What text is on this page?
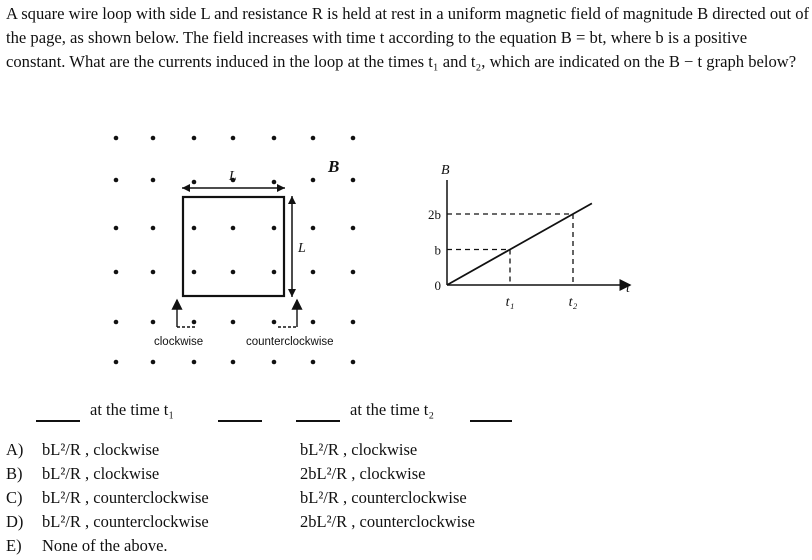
A square wire loop with side L and resistance R is held at rest in a uniform magnetic field of magnitude B directed out of the page, as shown below. The field increases with time t according to the equation B = bt, where b is a positive constant. What are the currents induced in the loop at the times t₁ and t₂, which are indicated on the B − t graph below?

L
L
B
clockwise	counterclockwise
B
t
0
b
2b
t₁	t₂
at the time t₁	at the time t₂
A) bL²/R , clockwise	bL²/R , clockwise
B) bL²/R , clockwise	2bL²/R , clockwise
C) bL²/R , counterclockwise	bL²/R , counterclockwise
D) bL²/R , counterclockwise	2bL²/R , counterclockwise
E) None of the above.
